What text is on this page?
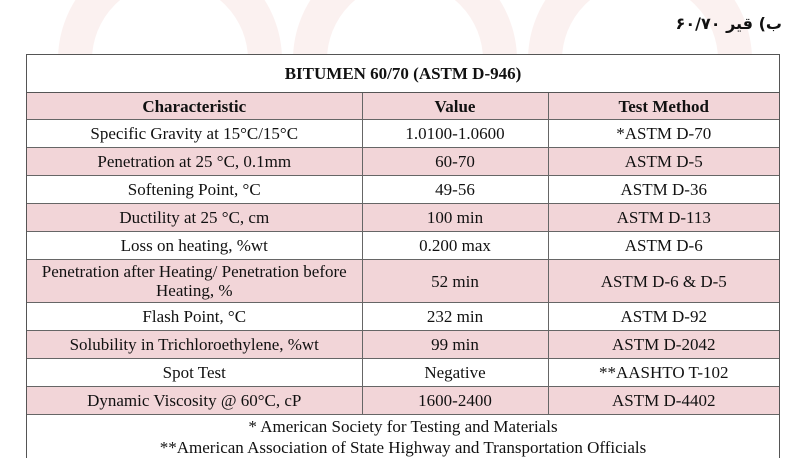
ب) قیر ۶۰/۷۰
BITUMEN 60/70 (ASTM D-946)
Characteristic	Value	Test Method
Specific Gravity at 15°C/15°C	1.0100-1.0600	*ASTM D-70
Penetration at 25 °C, 0.1mm	60-70	ASTM D-5
Softening Point, °C	49-56	ASTM D-36
Ductility at 25 °C, cm	100 min	ASTM D-113
Loss on heating, %wt	0.200 max	ASTM D-6
Penetration after Heating/ Penetration before Heating, %	52 min	ASTM D-6 & D-5
Flash Point, °C	232 min	ASTM D-92
Solubility in Trichloroethylene, %wt	99 min	ASTM D-2042
Spot Test	Negative	**AASHTO T-102
Dynamic Viscosity @ 60°C, cP	1600-2400	ASTM D-4402
* American Society for Testing and Materials
**American Association of State Highway and Transportation Officials
